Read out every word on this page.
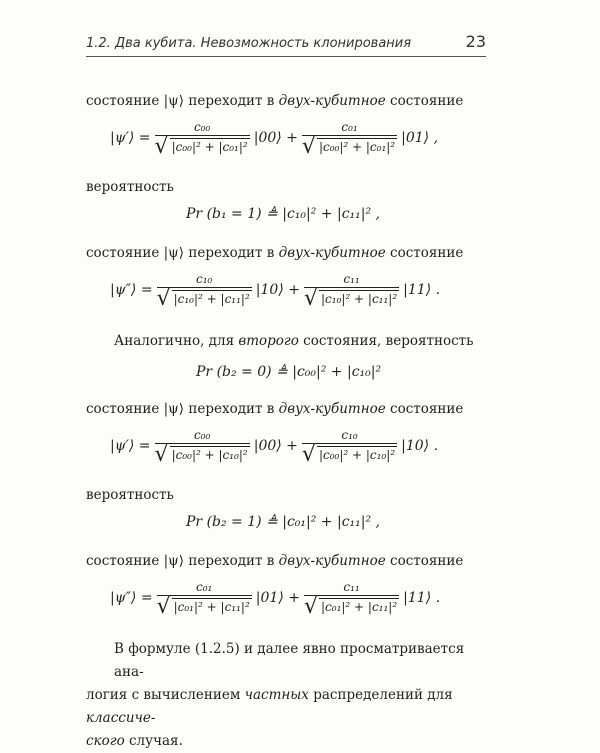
1.2. Два кубита. Невозможность клонирования	23
состояние |ψ⟩ переходит в двух-кубитное состояние
|ψ′⟩ = $\frac{\text{c₀₀}}{\text{√ |c₀₀|² + |c₀₁|²}}$ |00⟩ + $\frac{\text{c₀₁}}{\text{√ |c₀₀|² + |c₀₁|²}}$ |01⟩ ,
вероятность
Pr (b₁ = 1) ≜ |c₁₀|² + |c₁₁|² ,
состояние |ψ⟩ переходит в двух-кубитное состояние
|ψ″⟩ = $\frac{\text{c₁₀}}{\text{√ |c₁₀|² + |c₁₁|²}}$ |10⟩ + $\frac{\text{c₁₁}}{\text{√ |c₁₀|² + |c₁₁|²}}$ |11⟩ .
Аналогично, для второго состояния, вероятность
Pr (b₂ = 0) ≜ |c₀₀|² + |c₁₀|²
состояние |ψ⟩ переходит в двух-кубитное состояние
|ψ′⟩ = $\frac{\text{c₀₀}}{\text{√ |c₀₀|² + |c₁₀|²}}$ |00⟩ + $\frac{\text{c₁₀}}{\text{√ |c₀₀|² + |c₁₀|²}}$ |10⟩ .
вероятность
Pr (b₂ = 1) ≜ |c₀₁|² + |c₁₁|² ,
состояние |ψ⟩ переходит в двух-кубитное состояние
|ψ″⟩ = $\frac{\text{c₀₁}}{\text{√ |c₀₁|² + |c₁₁|²}}$ |01⟩ + $\frac{\text{c₁₁}}{\text{√ |c₀₁|² + |c₁₁|²}}$ |11⟩ .
В формуле (1.2.5) и далее явно просматривается ана-
логия с вычислением частных распределений для классиче-
ского случая.
